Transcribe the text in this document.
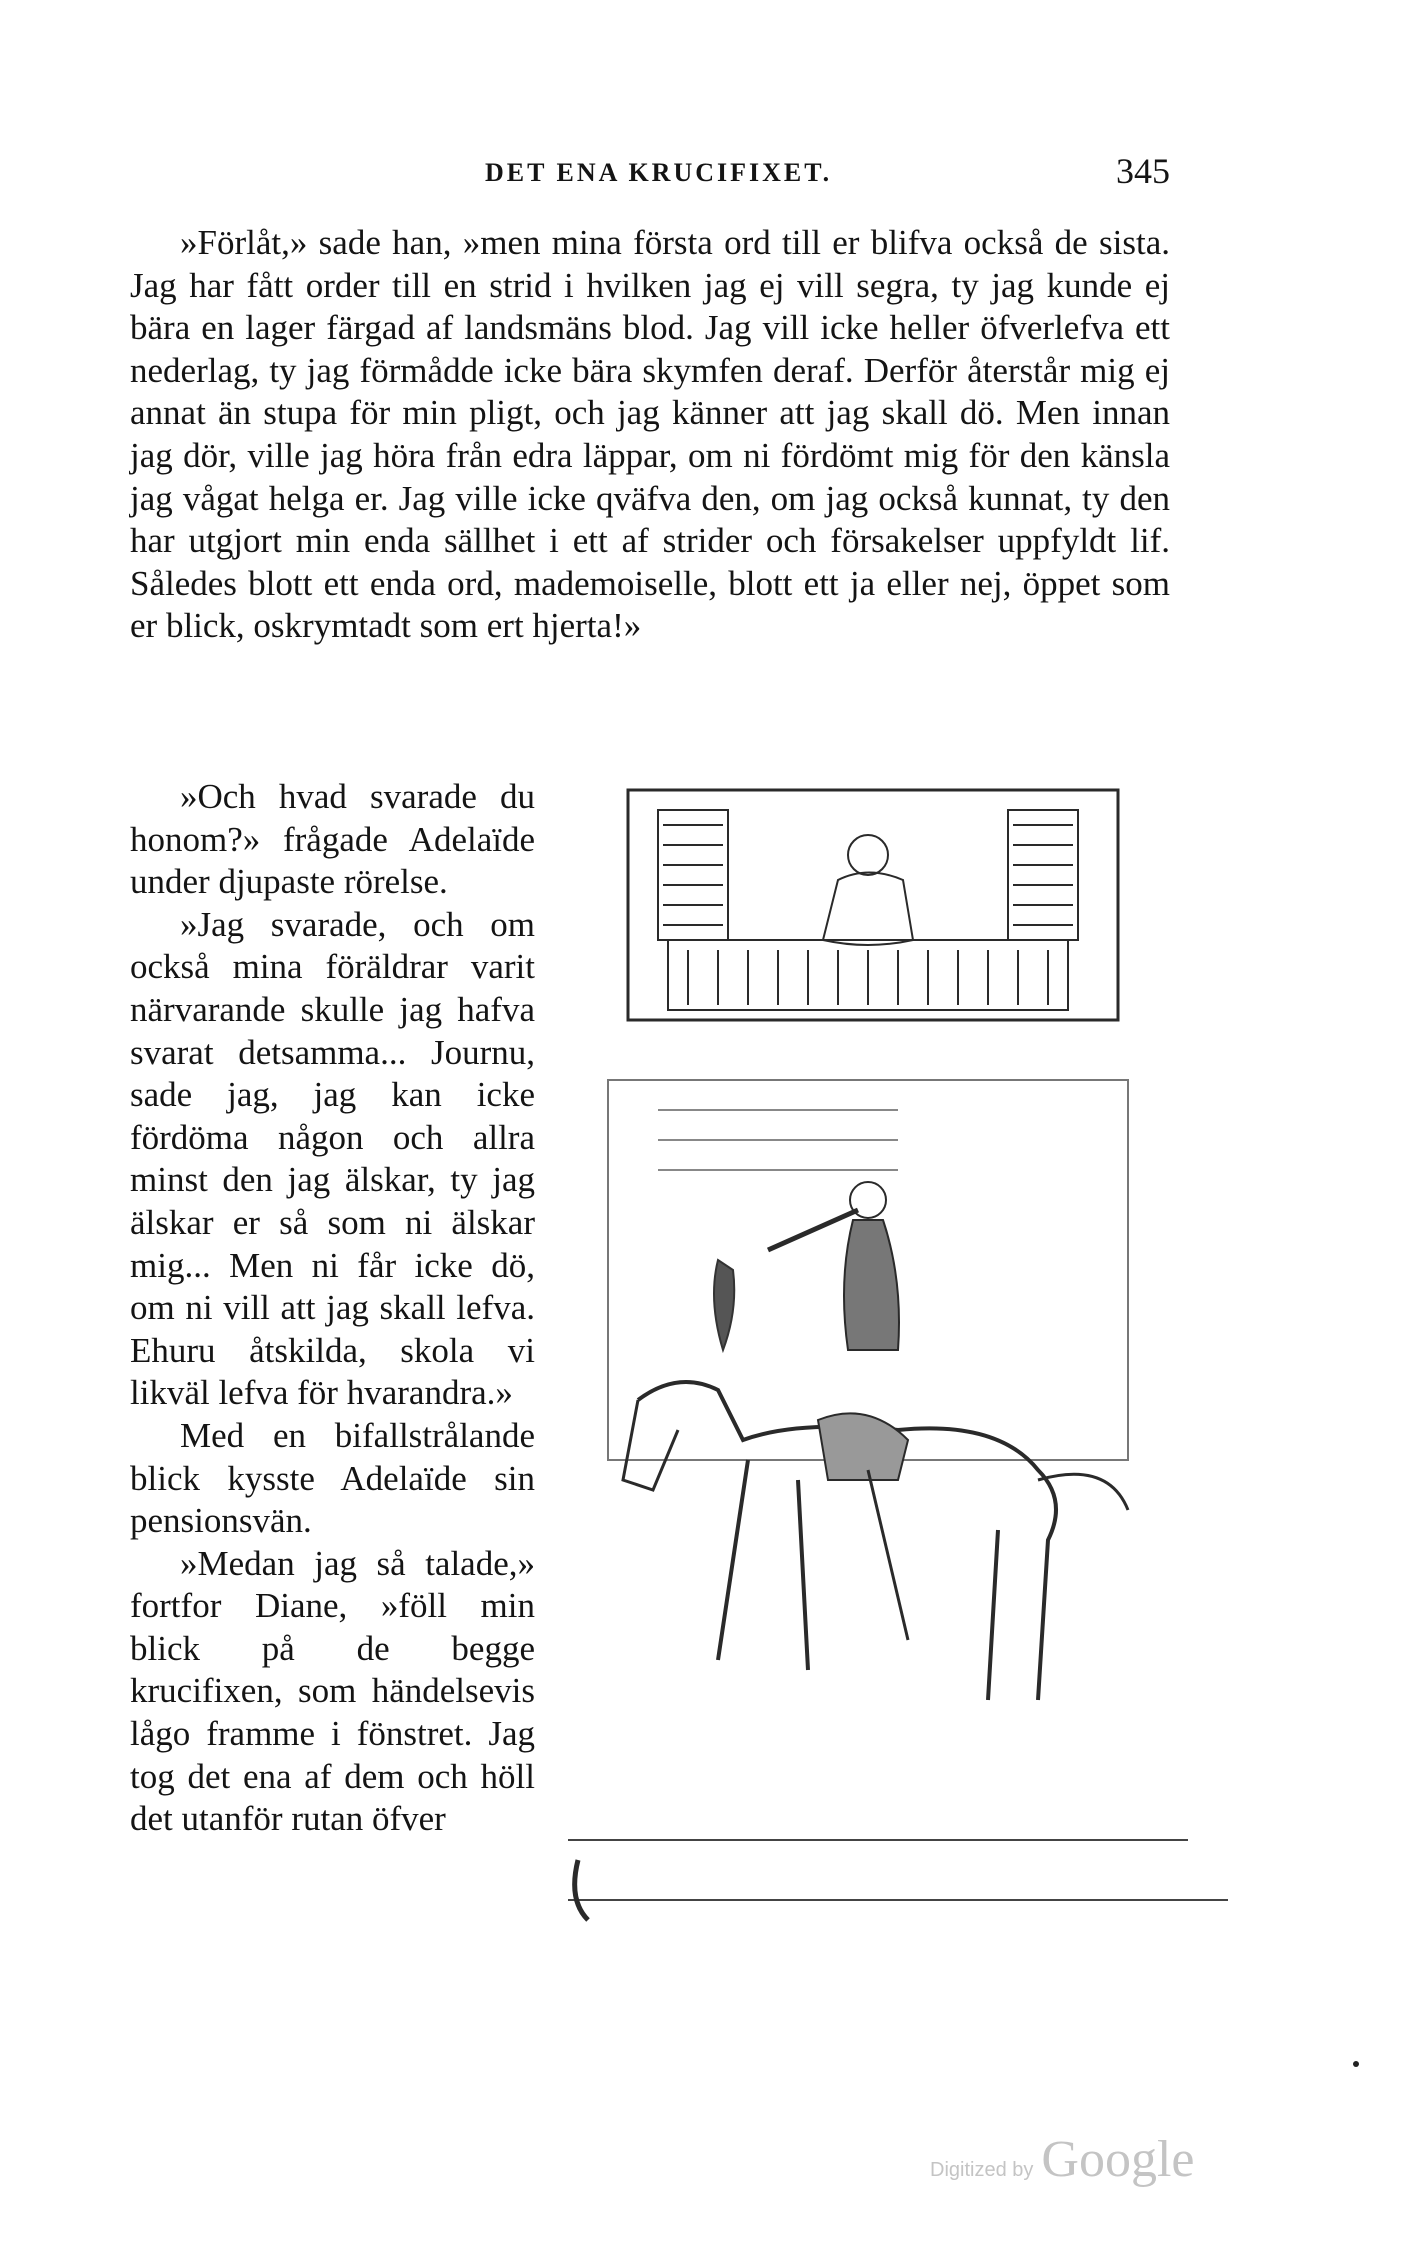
DET ENA KRUCIFIXET.	345

»Förlåt,» sade han, »men mina första ord till er blifva också de sista. Jag har fått order till en strid i hvilken jag ej vill segra, ty jag kunde ej bära en lager färgad af landsmäns blod. Jag vill icke heller öfverlefva ett nederlag, ty jag förmådde icke bära skymfen deraf. Derför återstår mig ej annat än stupa för min pligt, och jag känner att jag skall dö. Men innan jag dör, ville jag höra från edra läppar, om ni fördömt mig för den känsla jag vågat helga er. Jag ville icke qväfva den, om jag också kunnat, ty den har utgjort min enda sällhet i ett af strider och försakelser uppfyldt lif. Således blott ett enda ord, mademoiselle, blott ett ja eller nej, öppet som er blick, oskrymtadt som ert hjerta!»

»Och hvad svarade du honom?» frågade Adelaïde under djupaste rörelse.

»Jag svarade, och om också mina föräldrar varit närvarande skulle jag hafva svarat detsamma... Journu, sade jag, jag kan icke fördöma någon och allra minst den jag älskar, ty jag älskar er så som ni älskar mig... Men ni får icke dö, om ni vill att jag skall lefva. Ehuru åtskilda, skola vi likväl lefva för hvarandra.»

Med en bifallstrålande blick kysste Adelaïde sin pensionsvän.

»Medan jag så talade,» fortfor Diane, »föll min blick på de begge krucifixen, som händelsevis lågo framme i fönstret. Jag tog det ena af dem och höll det utanför rutan öfver

Digitized by Google
